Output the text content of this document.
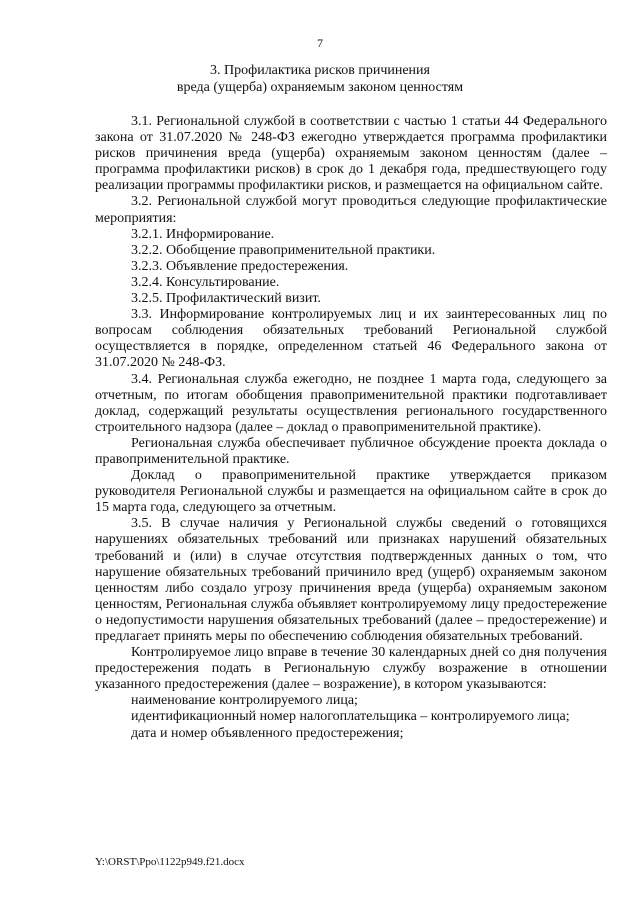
7
3. Профилактика рисков причинения
вреда (ущерба) охраняемым законом ценностям

3.1. Региональной службой в соответствии с частью 1 статьи 44 Федерального закона от 31.07.2020 № 248-ФЗ ежегодно утверждается программа профилактики рисков причинения вреда (ущерба) охраняемым законом ценностям (далее – программа профилактики рисков) в срок до 1 декабря года, предшествующего году реализации программы профилактики рисков, и размещается на официальном сайте.

3.2. Региональной службой могут проводиться следующие профилактические мероприятия:

3.2.1. Информирование.

3.2.2. Обобщение правоприменительной практики.

3.2.3. Объявление предостережения.

3.2.4. Консультирование.

3.2.5. Профилактический визит.

3.3. Информирование контролируемых лиц и их заинтересованных лиц по вопросам соблюдения обязательных требований Региональной службой осуществляется в порядке, определенном статьей 46 Федерального закона от 31.07.2020 № 248-ФЗ.

3.4. Региональная служба ежегодно, не позднее 1 марта года, следующего за отчетным, по итогам обобщения правоприменительной практики подготавливает доклад, содержащий результаты осуществления регионального государственного строительного надзора (далее – доклад о правоприменительной практике).

Региональная служба обеспечивает публичное обсуждение проекта доклада о правоприменительной практике.

Доклад о правоприменительной практике утверждается приказом руководителя Региональной службы и размещается на официальном сайте в срок до 15 марта года, следующего за отчетным.

3.5. В случае наличия у Региональной службы сведений о готовящихся нарушениях обязательных требований или признаках нарушений обязательных требований и (или) в случае отсутствия подтвержденных данных о том, что нарушение обязательных требований причинило вред (ущерб) охраняемым законом ценностям либо создало угрозу причинения вреда (ущерба) охраняемым законом ценностям, Региональная служба объявляет контролируемому лицу предостережение о недопустимости нарушения обязательных требований (далее – предостережение) и предлагает принять меры по обеспечению соблюдения обязательных требований.

Контролируемое лицо вправе в течение 30 календарных дней со дня получения предостережения подать в Региональную службу возражение в отношении указанного предостережения (далее – возражение), в котором указываются:

наименование контролируемого лица;

идентификационный номер налогоплательщика – контролируемого лица;

дата и номер объявленного предостережения;

Y:\ORST\Ppo\1122p949.f21.docx
